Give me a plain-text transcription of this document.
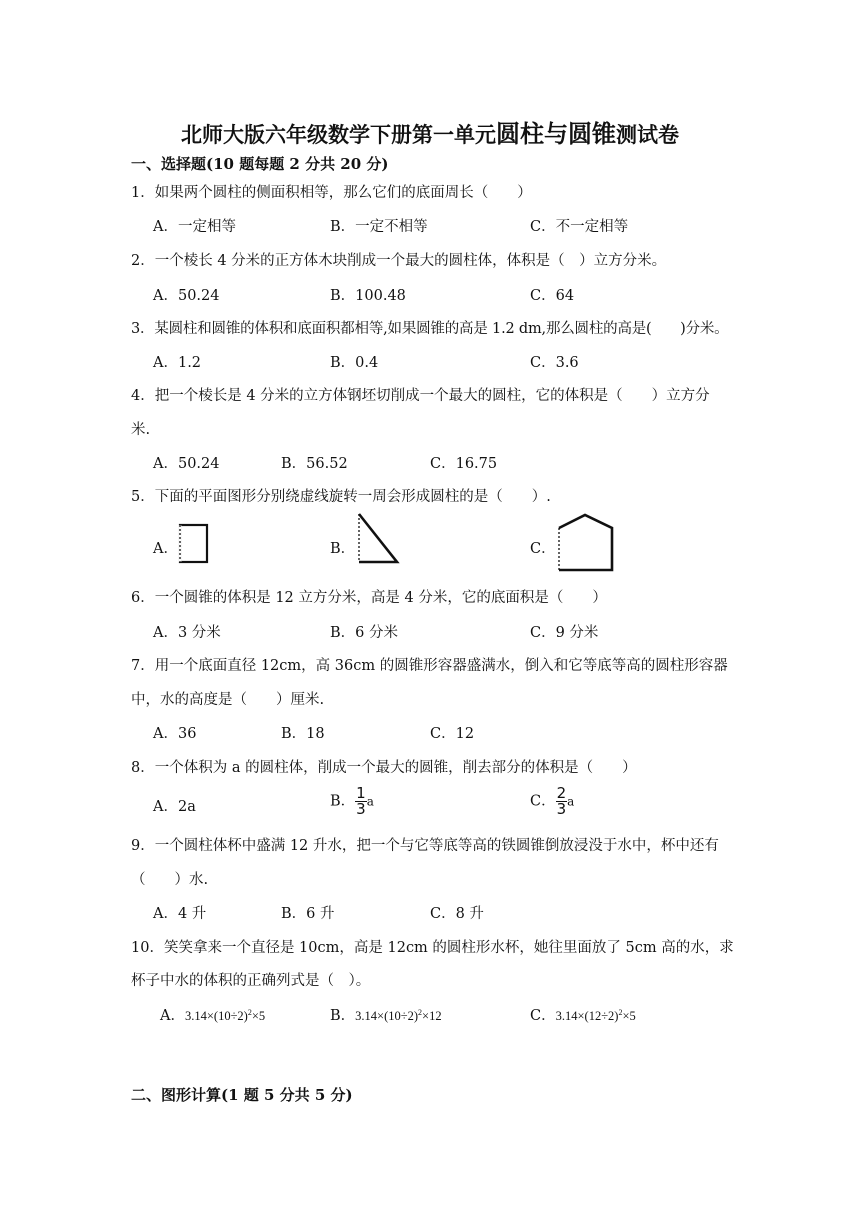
北师大版六年级数学下册第一单元圆柱与圆锥测试卷
一、选择题(10 题每题 2 分共 20 分)
1．如果两个圆柱的侧面积相等，那么它们的底面周长（　　）
A．一定相等	B．一定不相等	C．不一定相等
2．一个棱长 4 分米的正方体木块削成一个最大的圆柱体，体积是（　）立方分米。
A．50.24	B．100.48	C．64
3．某圆柱和圆锥的体积和底面积都相等,如果圆锥的高是 1.2 dm,那么圆柱的高是(　　)分米。
A．1.2	B．0.4	C．3.6
4．把一个棱长是 4 分米的立方体钢坯切削成一个最大的圆柱，它的体积是（　　）立方分
米.
A．50.24	B．56.52	C．16.75
5．下面的平面图形分别绕虚线旋转一周会形成圆柱的是（　　）.
A．	B．	C．
6．一个圆锥的体积是 12 立方分米，高是 4 分米，它的底面积是（　　）
A．3 分米	B．6 分米	C．9 分米
7．用一个底面直径 12cm，高 36cm 的圆锥形容器盛满水，倒入和它等底等高的圆柱形容器
中，水的高度是（　　）厘米.
A．36	B．18	C．12
8．一个体积为 a 的圆柱体，削成一个最大的圆锥，削去部分的体积是（　　）
A．2a	B． $\frac{1}{3}$ a	C． $\frac{2}{3}$ a
9．一个圆柱体杯中盛满 12 升水，把一个与它等底等高的铁圆锥倒放浸没于水中，杯中还有
（　　）水.
A．4 升	B．6 升	C．8 升
10．笑笑拿来一个直径是 10cm，高是 12cm 的圆柱形水杯，她往里面放了 5cm 高的水，求
杯子中水的体积的正确列式是（　）。
A．$3.14\times(10\div 2)^2\times 5$	B．$3.14\times(10\div 2)^2\times 12$	C．$3.14\times(12\div 2)^2\times 5$
二、图形计算(1 题 5 分共 5 分)
